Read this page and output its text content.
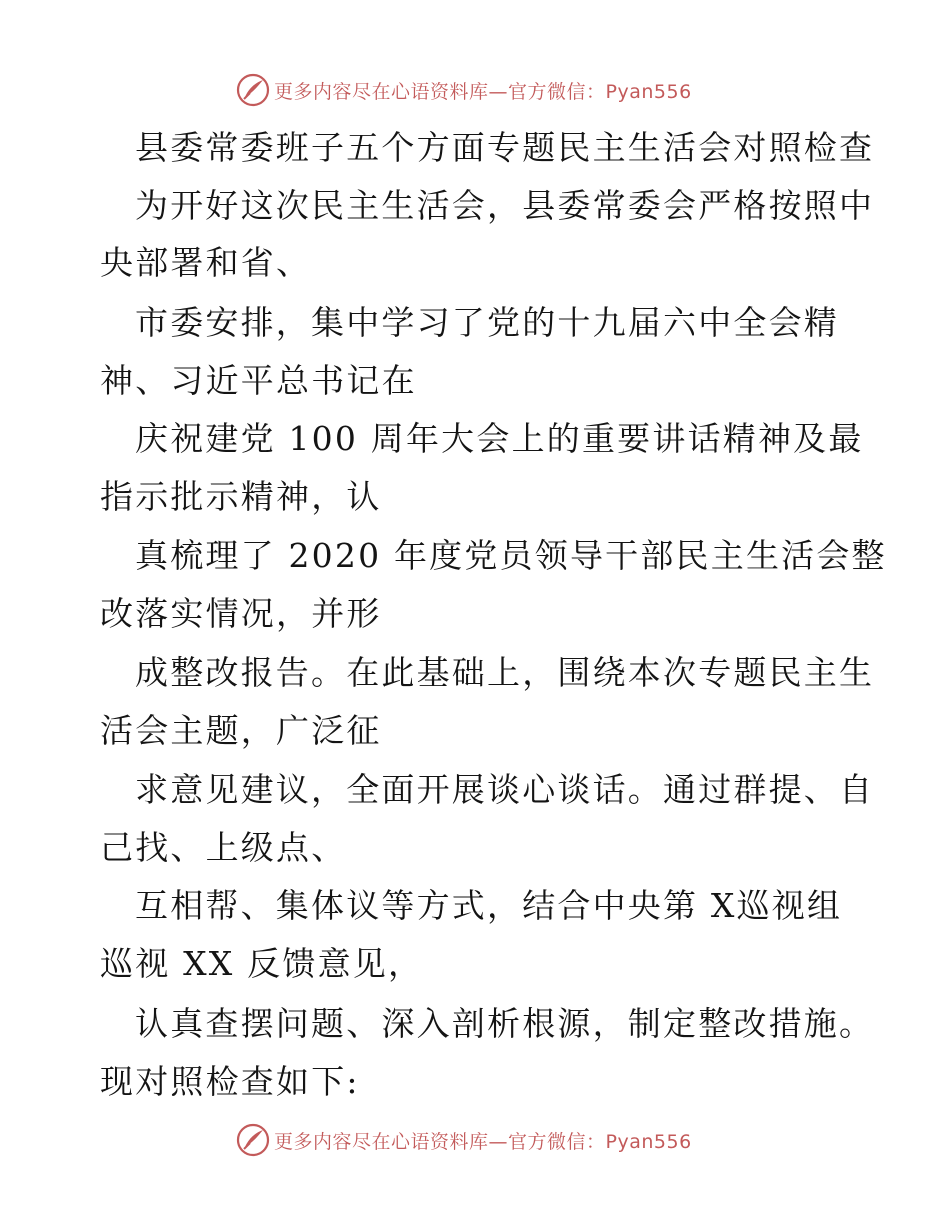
更多内容尽在心语资料库—官方微信：Pyan556
县委常委班子五个方面专题民主生活会对照检查
为开好这次民主生活会，县委常委会严格按照中
央部署和省、
市委安排，集中学习了党的十九届六中全会精
神、习近平总书记在
庆祝建党 100 周年大会上的重要讲话精神及最
指示批示精神，认
真梳理了 2020 年度党员领导干部民主生活会整
改落实情况，并形
成整改报告。在此基础上，围绕本次专题民主生
活会主题，广泛征
求意见建议，全面开展谈心谈话。通过群提、自
己找、上级点、
互相帮、集体议等方式，结合中央第 X巡视组
巡视 XX 反馈意见，
认真查摆问题、深入剖析根源，制定整改措施。
现对照检查如下:
更多内容尽在心语资料库—官方微信：Pyan556
